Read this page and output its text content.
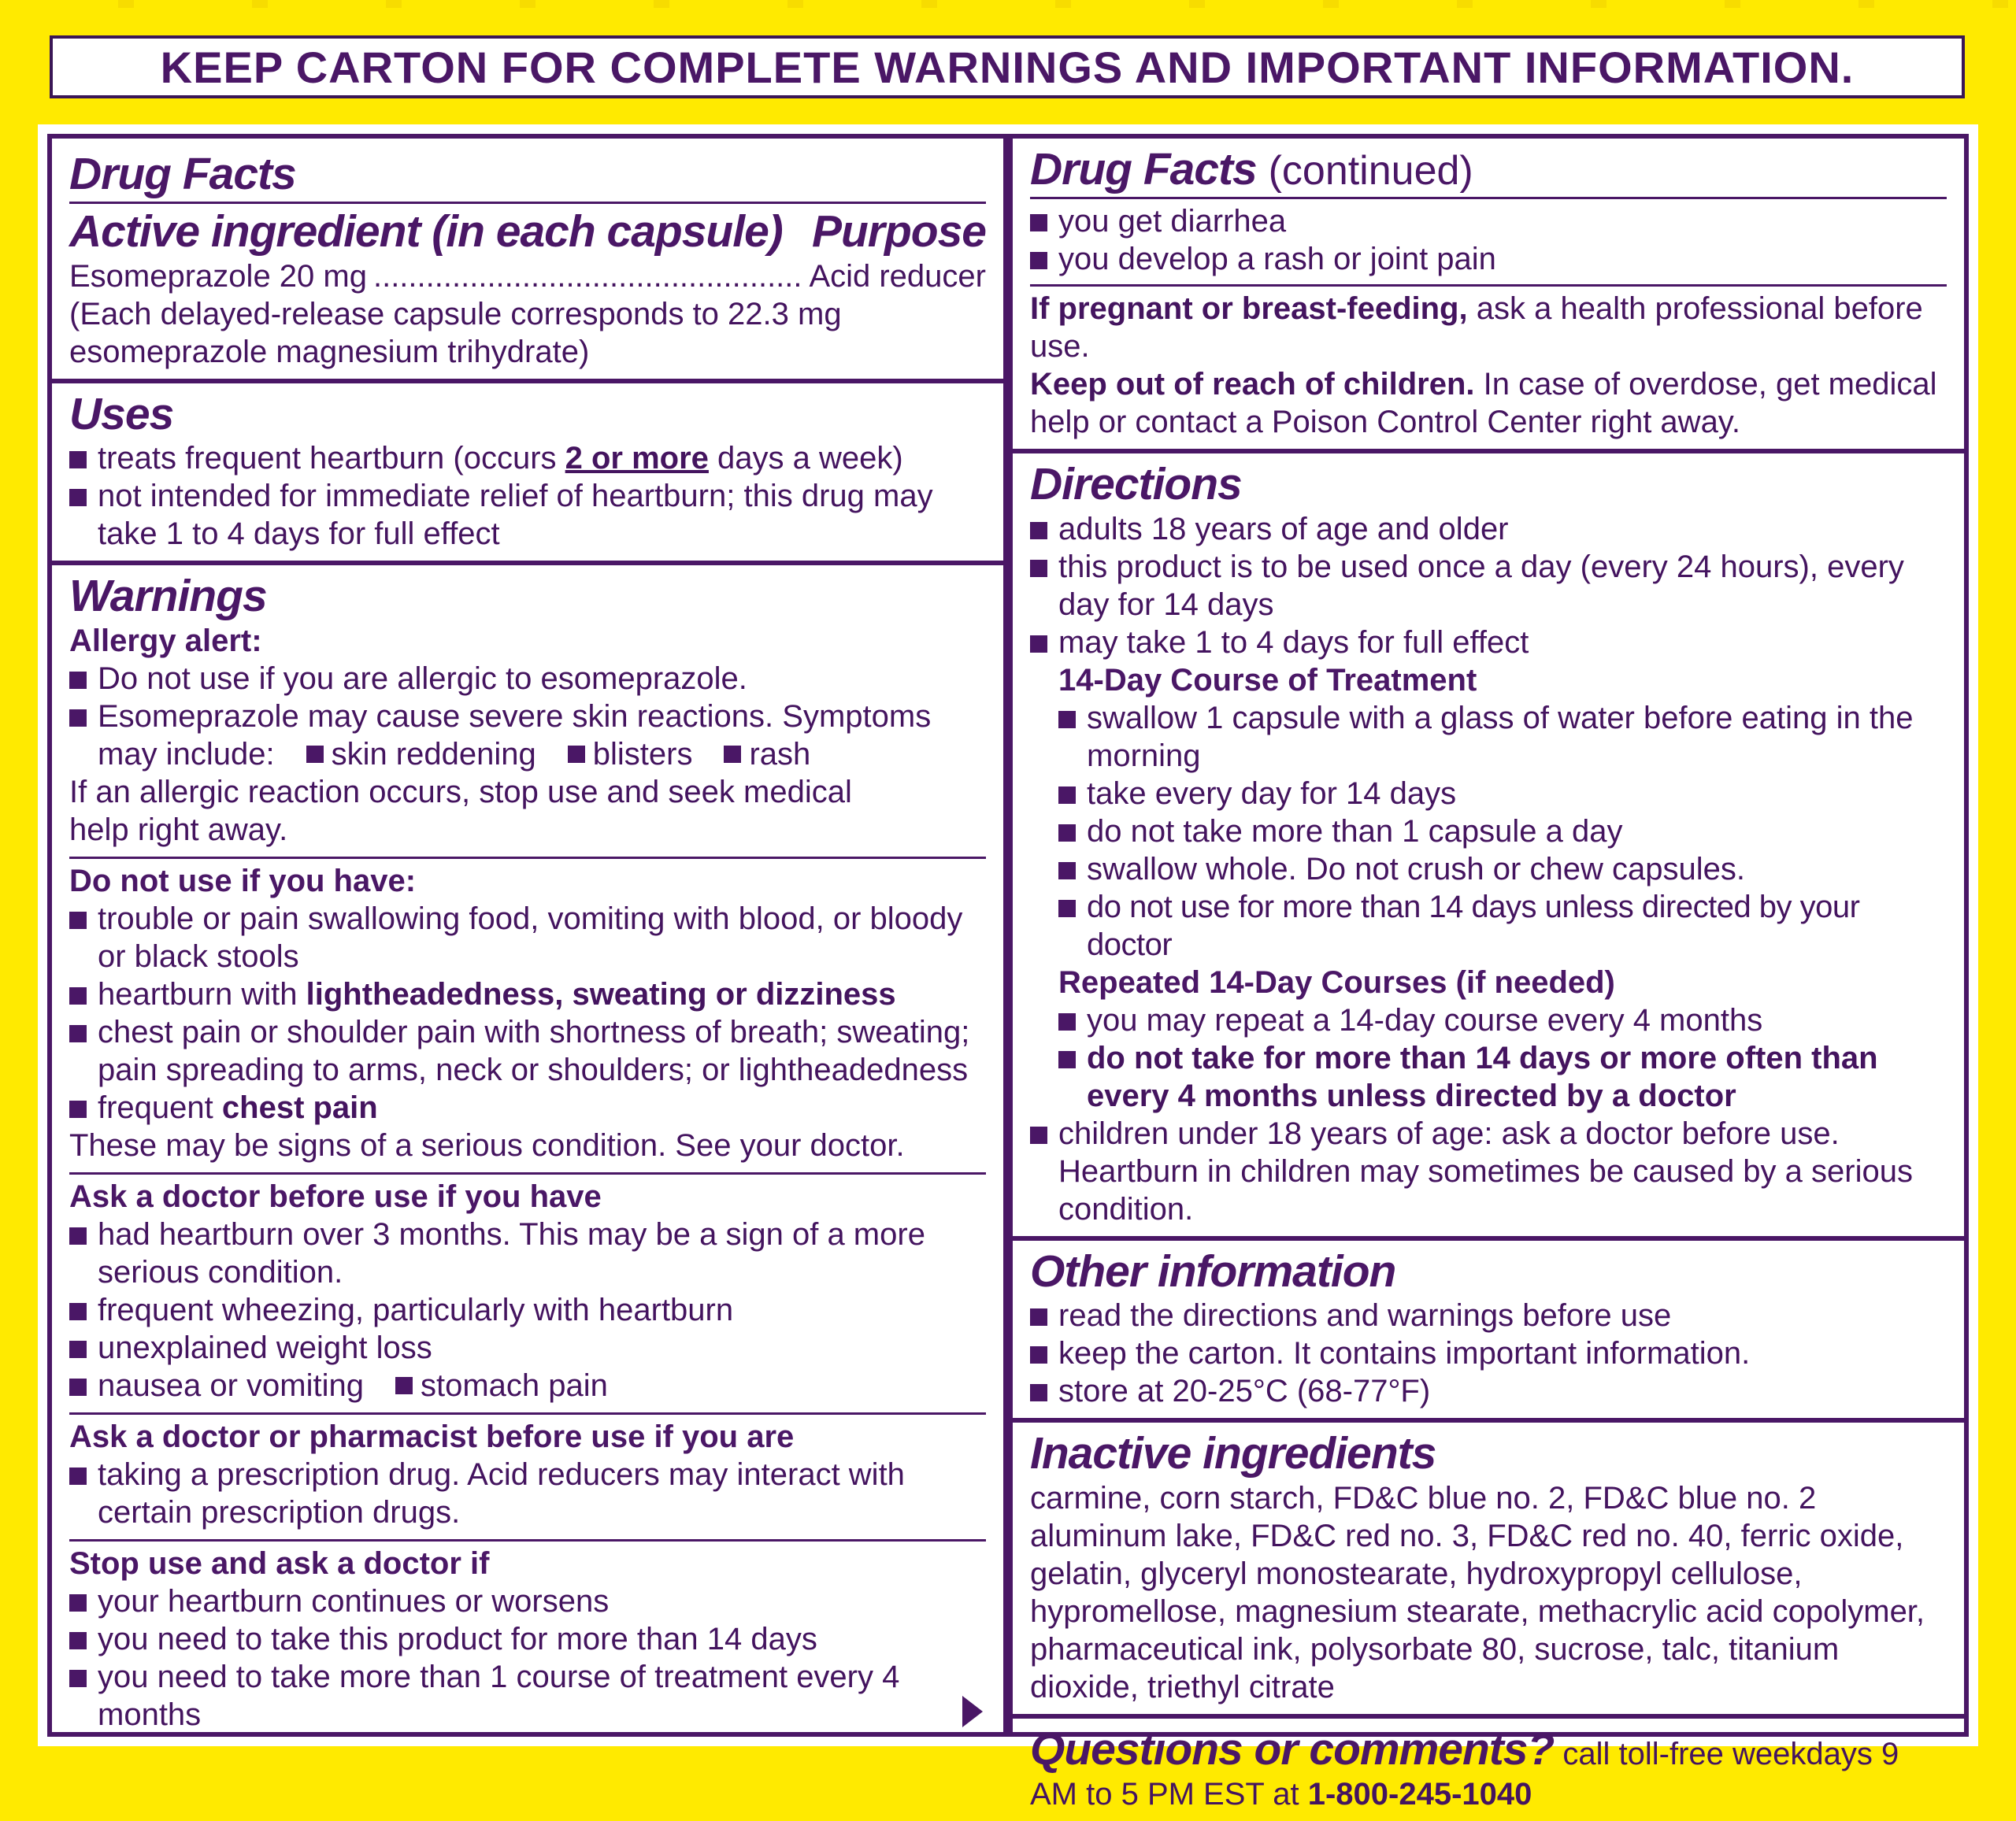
KEEP CARTON FOR COMPLETE WARNINGS AND IMPORTANT INFORMATION.
Drug Facts
Active ingredient (in each capsule) Purpose
Esomeprazole 20 mg
.....	Acid reducer
(Each delayed-release capsule corresponds to 22.3 mg esomeprazole magnesium trihydrate)
Uses
treats frequent heartburn (occurs 2 or more days a week)
not intended for immediate relief of heartburn; this drug may take 1 to 4 days for full effect
Warnings
Allergy alert:
Do not use if you are allergic to esomeprazole.
Esomeprazole may cause severe skin reactions. Symptoms
may include: skin reddening blisters rash
If an allergic reaction occurs, stop use and seek medical help right away.
Do not use if you have:
trouble or pain swallowing food, vomiting with blood, or bloody or black stools
heartburn with lightheadedness, sweating or dizziness
chest pain or shoulder pain with shortness of breath; sweating; pain spreading to arms, neck or shoulders; or lightheadedness
frequent chest pain
These may be signs of a serious condition. See your doctor.
Ask a doctor before use if you have
had heartburn over 3 months. This may be a sign of a more serious condition.
frequent wheezing, particularly with heartburn
unexplained weight loss
nausea or vomiting stomach pain
Ask a doctor or pharmacist before use if you are
taking a prescription drug. Acid reducers may interact with certain prescription drugs.
Stop use and ask a doctor if
your heartburn continues or worsens
you need to take this product for more than 14 days
you need to take more than 1 course of treatment every 4 months
Drug Facts (continued)
you get diarrhea
you develop a rash or joint pain
If pregnant or breast-feeding, ask a health professional before use.
Keep out of reach of children. In case of overdose, get medical help or contact a Poison Control Center right away.
Directions
adults 18 years of age and older
this product is to be used once a day (every 24 hours), every day for 14 days
may take 1 to 4 days for full effect
14-Day Course of Treatment
swallow 1 capsule with a glass of water before eating in the morning
take every day for 14 days
do not take more than 1 capsule a day
swallow whole. Do not crush or chew capsules.
do not use for more than 14 days unless directed by your doctor
Repeated 14-Day Courses (if needed)
you may repeat a 14-day course every 4 months
do not take for more than 14 days or more often than every 4 months unless directed by a doctor
children under 18 years of age: ask a doctor before use. Heartburn in children may sometimes be caused by a serious condition.
Other information
read the directions and warnings before use
keep the carton. It contains important information.
store at 20-25°C (68-77°F)
Inactive ingredients
carmine, corn starch, FD&C blue no. 2, FD&C blue no. 2 aluminum lake, FD&C red no. 3, FD&C red no. 40, ferric oxide, gelatin, glyceryl monostearate, hydroxypropyl cellulose, hypromellose, magnesium stearate, methacrylic acid copolymer, pharmaceutical ink, polysorbate 80, sucrose, talc, titanium dioxide, triethyl citrate
Questions or comments? call toll-free weekdays 9 AM to 5 PM EST at 1-800-245-1040
